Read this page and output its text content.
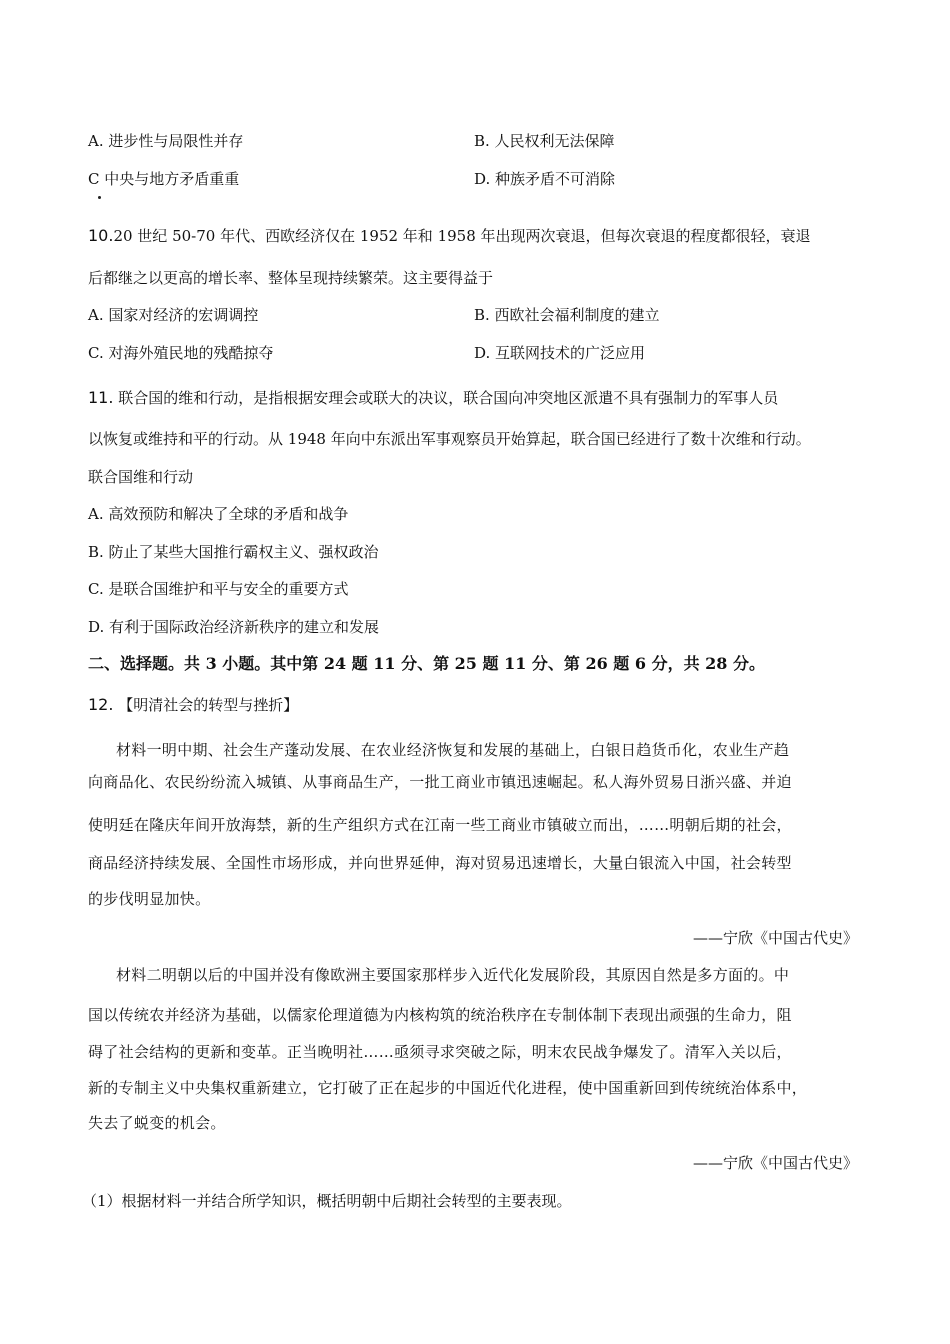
A. 进步性与局限性并存	B. 人民权利无法保障
C 中央与地方矛盾重重	D. 种族矛盾不可消除
10.20 世纪 50-70 年代、西欧经济仅在 1952 年和 1958 年出现两次衰退，但每次衰退的程度都很轻，衰退
后都继之以更高的增长率、整体呈现持续繁荣。这主要得益于
A. 国家对经济的宏调调控	B. 西欧社会福利制度的建立
C. 对海外殖民地的残酷掠夺	D. 互联网技术的广泛应用
11. 联合国的维和行动，是指根据安理会或联大的决议，联合国向冲突地区派遣不具有强制力的军事人员
以恢复或维持和平的行动。从 1948 年向中东派出军事观察员开始算起，联合国已经进行了数十次维和行动。
联合国维和行动
A. 高效预防和解决了全球的矛盾和战争
B. 防止了某些大国推行霸权主义、强权政治
C. 是联合国维护和平与安全的重要方式
D. 有利于国际政治经济新秩序的建立和发展
二、选择题。共 3 小题。其中第 24 题 11 分、第 25 题 11 分、第 26 题 6 分，共 28 分。
12. 【明清社会的转型与挫折】
材料一明中期、社会生产蓬动发展、在农业经济恢复和发展的基础上，白银日趋货币化，农业生产趋
向商品化、农民纷纷流入城镇、从事商品生产，一批工商业市镇迅速崛起。私人海外贸易日浙兴盛、并迫
使明廷在隆庆年间开放海禁，新的生产组织方式在江南一些工商业市镇破立而出，……明朝后期的社会，
商品经济持续发展、全国性市场形成，并向世界延伸，海对贸易迅速增长，大量白银流入中国，社会转型
的步伐明显加快。
——宁欣《中国古代史》
材料二明朝以后的中国并没有像欧洲主要国家那样步入近代化发展阶段，其原因自然是多方面的。中
国以传统农并经济为基础，以儒家伦理道德为内核构筑的统治秩序在专制体制下表现出顽强的生命力，阻
碍了社会结构的更新和变革。正当晚明社……亟须寻求突破之际，明末农民战争爆发了。清军入关以后，
新的专制主义中央集权重新建立，它打破了正在起步的中国近代化进程，使中国重新回到传统统治体系中，
失去了蜕变的机会。
——宁欣《中国古代史》
（1）根据材料一并结合所学知识，概括明朝中后期社会转型的主要表现。
